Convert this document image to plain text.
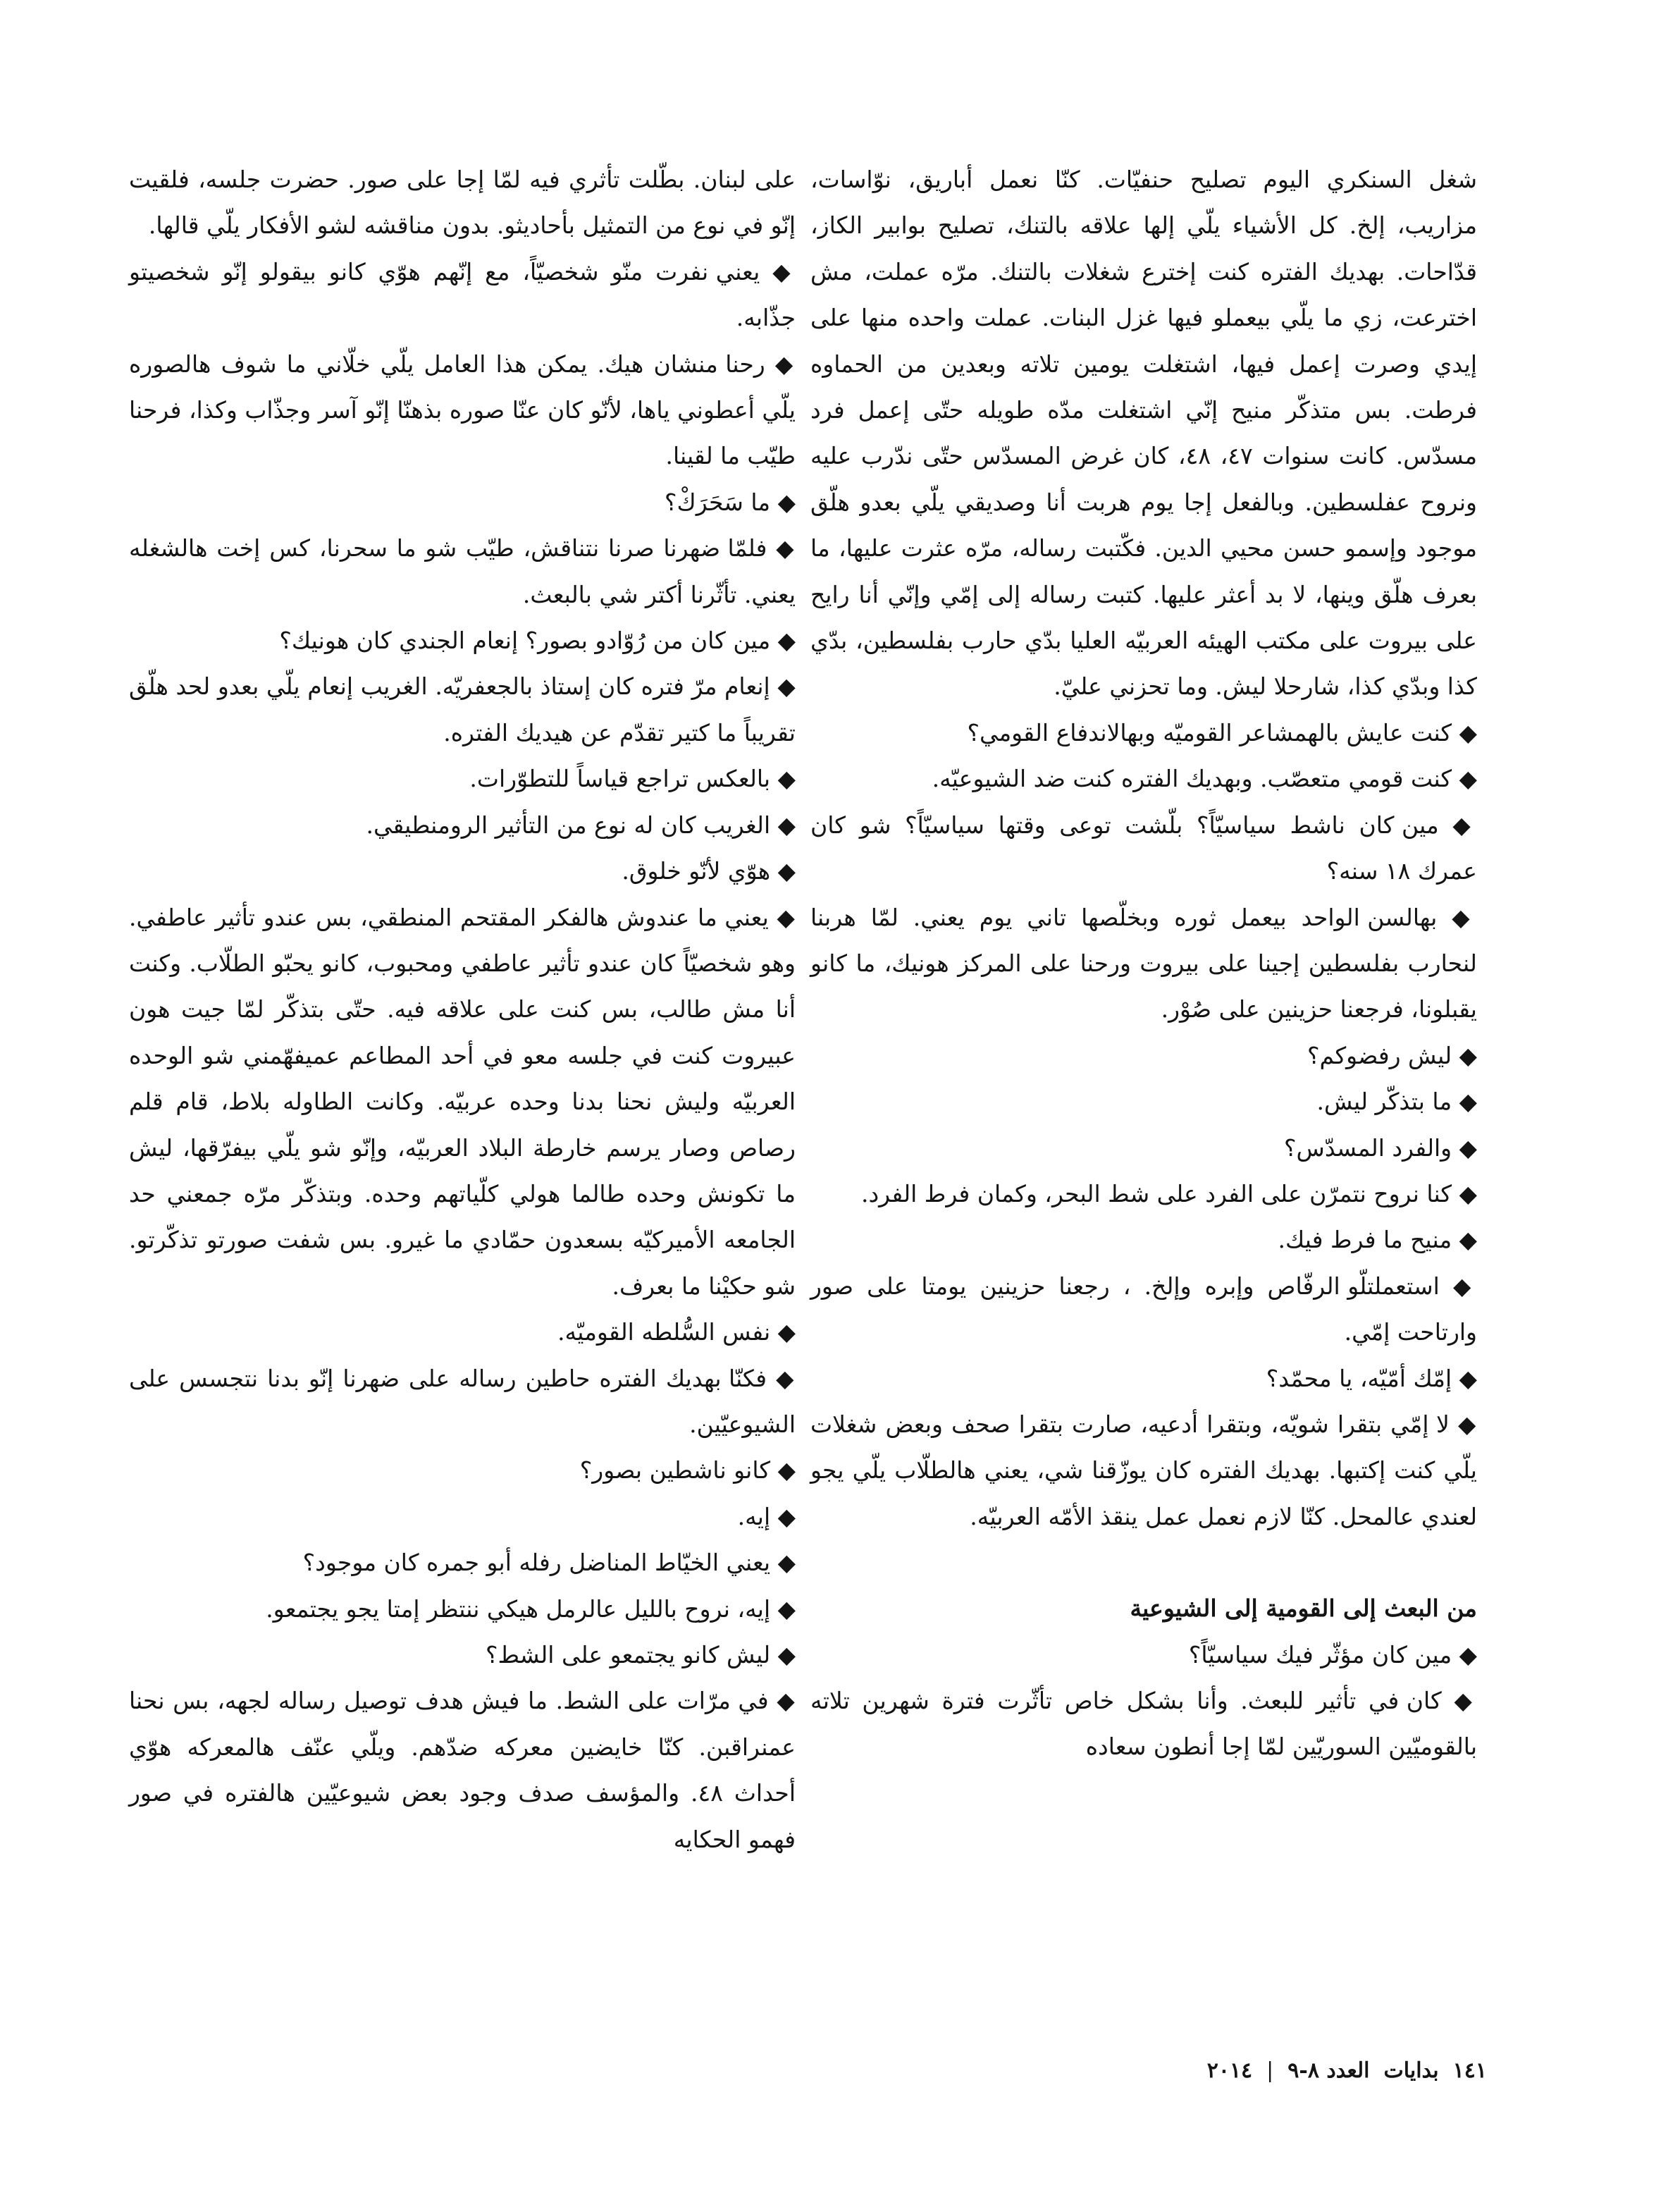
شغل السنكري اليوم تصليح حنفيّات. كنّا نعمل أباريق، نوّاسات، مزاريب، إلخ. كل الأشياء يلّي إلها علاقه بالتنك، تصليح بوابير الكاز، قدّاحات. بهديك الفتره كنت إخترع شغلات بالتنك. مرّه عملت، مش اخترعت، زي ما يلّي بيعملو فيها غزل البنات. عملت واحده منها على إيدي وصرت إعمل فيها، اشتغلت يومين تلاته وبعدين من الحماوه فرطت. بس متذكّر منيح إنّي اشتغلت مدّه طويله حتّى إعمل فرد مسدّس. كانت سنوات ٤٧، ٤٨، كان غرض المسدّس حتّى ندّرب عليه ونروح عفلسطين. وبالفعل إجا يوم هربت أنا وصديقي يلّي بعدو هلّق موجود وإسمو حسن محيي الدين. فكّتبت رساله، مرّه عثرت عليها، ما بعرف هلّق وينها، لا بد أعثر عليها. كتبت رساله إلى إمّي وإنّي أنا رايح على بيروت على مكتب الهيئه العربيّه العليا بدّي حارب بفلسطين، بدّي كذا وبدّي كذا، شارحلا ليش. وما تحزني عليّ.

◆ كنت عايش بالهمشاعر القوميّه وبهالاندفاع القومي؟

◆ كنت قومي متعصّب. وبهديك الفتره كنت ضد الشيوعيّه.

◆ مين كان ناشط سياسيّاً؟ بلّشت توعى وقتها سياسيّاً؟ شو كان عمرك ١٨ سنه؟

◆ بهالسن الواحد بيعمل ثوره وبخلّصها تاني يوم يعني. لمّا هربنا لنحارب بفلسطين إجينا على بيروت ورحنا على المركز هونيك، ما كانو يقبلونا، فرجعنا حزينين على صُوْر.

◆ ليش رفضوكم؟

◆ ما بتذكّر ليش.

◆ والفرد المسدّس؟

◆ كنا نروح نتمرّن على الفرد على شط البحر، وكمان فرط الفرد.

◆ منيح ما فرط فيك.

◆ استعملتلّو الرفّاص وإبره وإلخ. ، رجعنا حزينين يومتا على صور وارتاحت إمّي.

◆ إمّك أمّيّه، يا محمّد؟

◆ لا إمّي بتقرا شويّه، وبتقرا أدعيه، صارت بتقرا صحف وبعض شغلات يلّي كنت إكتبها. بهديك الفتره كان يوزّقنا شي، يعني هالطلّاب يلّي يجو لعندي عالمحل. كنّا لازم نعمل عمل ينقذ الأمّه العربيّه.

من البعث إلى القومية إلى الشيوعية

◆ مين كان مؤثّر فيك سياسيّاً؟

◆ كان في تأثير للبعث. وأنا بشكل خاص تأثّرت فترة شهرين تلاته بالقوميّين السوريّين لمّا إجا أنطون سعاده

على لبنان. بطّلت تأثري فيه لمّا إجا على صور. حضرت جلسه، فلقيت إنّو في نوع من التمثيل بأحاديثو. بدون مناقشه لشو الأفكار يلّي قالها.

◆ يعني نفرت منّو شخصيّاً، مع إنّهم هوّي كانو بيقولو إنّو شخصيتو جذّابه.

◆ رحنا منشان هيك. يمكن هذا العامل يلّي خلّاني ما شوف هالصوره يلّي أعطوني ياها، لأنّو كان عنّا صوره بذهنّا إنّو آسر وجذّاب وكذا، فرحنا طيّب ما لقينا.

◆ ما سَحَرَكْ؟

◆ فلمّا ضهرنا صرنا نتناقش، طيّب شو ما سحرنا، كس إخت هالشغله يعني. تأثّرنا أكتر شي بالبعث.

◆ مين كان من رُوّادو بصور؟ إنعام الجندي كان هونيك؟

◆ إنعام مرّ فتره كان إستاذ بالجعفريّه. الغريب إنعام يلّي بعدو لحد هلّق تقريباً ما كتير تقدّم عن هيديك الفتره.

◆ بالعكس تراجع قياساً للتطوّرات.

◆ الغريب كان له نوع من التأثير الرومنطيقي.

◆ هوّي لأنّو خلوق.

◆ يعني ما عندوش هالفكر المقتحم المنطقي، بس عندو تأثير عاطفي. وهو شخصيّاً كان عندو تأثير عاطفي ومحبوب، كانو يحبّو الطلّاب. وكنت أنا مش طالب، بس كنت على علاقه فيه. حتّى بتذكّر لمّا جيت هون عبيروت كنت في جلسه معو في أحد المطاعم عميفهّمني شو الوحده العربيّه وليش نحنا بدنا وحده عربيّه. وكانت الطاوله بلاط، قام قلم رصاص وصار يرسم خارطة البلاد العربيّه، وإنّو شو يلّي بيفرّقها، ليش ما تكونش وحده طالما هولي كلّياتهم وحده. وبتذكّر مرّه جمعني حد الجامعه الأميركيّه بسعدون حمّادي ما غيرو. بس شفت صورتو تذكّرتو. شو حكيْنا ما بعرف.

◆ نفس السُّلطه القوميّه.

◆ فكنّا بهديك الفتره حاطين رساله على ضهرنا إنّو بدنا نتجسس على الشيوعيّين.

◆ كانو ناشطين بصور؟

◆ إيه.

◆ يعني الخيّاط المناضل رفله أبو جمره كان موجود؟

◆ إيه، نروح بالليل عالرمل هيكي ننتظر إمتا يجو يجتمعو.

◆ ليش كانو يجتمعو على الشط؟

◆ في مرّات على الشط. ما فيش هدف توصيل رساله لجهه، بس نحنا عمنراقبن. كنّا خايضين معركه ضدّهم. ويلّي عنّف هالمعركه هوّي أحداث ٤٨. والمؤسف صدف وجود بعض شيوعيّين هالفتره في صور فهمو الحكايه

١٤١
بدايات
العدد ٨-٩
|
٢٠١٤
